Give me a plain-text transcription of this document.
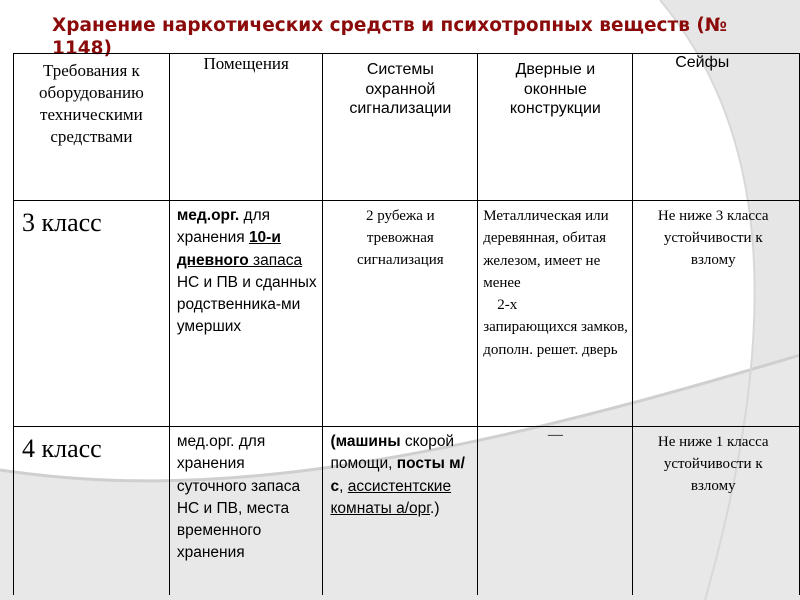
Хранение наркотических средств и психотропных веществ (№ 1148)
Требования к оборудованию техническими средствами	Помещения	Системы охранной сигнализации	Дверные и оконные конструкции	Сейфы

3 класс	мед.орг. для хранения 10-и дневного запаса НС и ПВ и сданных родственника-ми умерших	2 рубежа и тревожная сигнализация	Металлическая или деревянная, обитая железом, имеет не менее
2-х
запирающихся замков, дополн. решет. дверь	Не ниже 3 класса устойчивости к взлому

4 класс	мед.орг. для хранения суточного запаса НС и ПВ, места временного хранения	(машины скорой помощи, посты м/с, ассистентские комнаты а/орг.)	—	Не ниже 1 класса устойчивости к взлому
